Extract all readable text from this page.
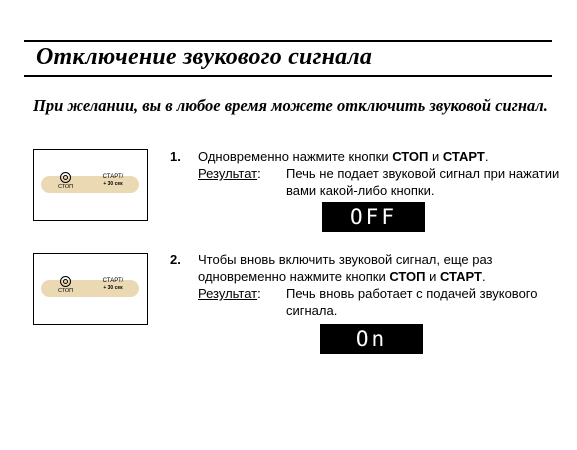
Отключение звукового сигнала
При желании, вы в любое время можете отключить звуковой сигнал.
СТОП
СТАРТ/
+ 30 сек
1. Одновременно нажмите кнопки СТОП и СТАРТ.
Результат: Печь не подает звуковой сигнал при нажатии вами какой-либо кнопки.
OFF
СТОП
СТАРТ/
+ 30 сек
2. Чтобы вновь включить звуковой сигнал, еще раз одновременно нажмите кнопки СТОП и СТАРТ.
Результат: Печь вновь работает с подачей звукового сигнала.
On
